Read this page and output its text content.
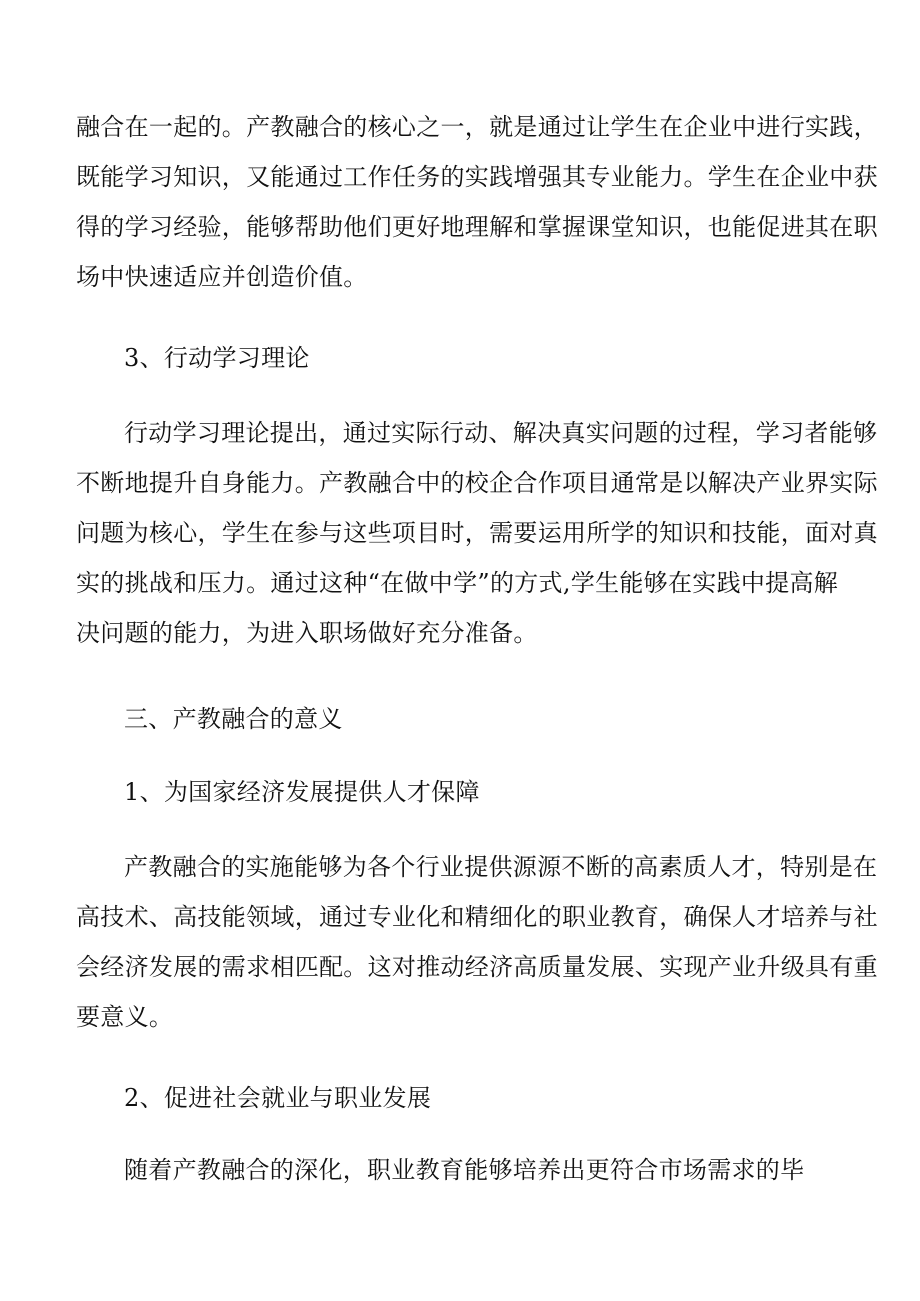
融合在一起的。产教融合的核心之一，就是通过让学生在企业中进行实践，
既能学习知识，又能通过工作任务的实践增强其专业能力。学生在企业中获
得的学习经验，能够帮助他们更好地理解和掌握课堂知识，也能促进其在职
场中快速适应并创造价值。
3、行动学习理论
行动学习理论提出，通过实际行动、解决真实问题的过程，学习者能够
不断地提升自身能力。产教融合中的校企合作项目通常是以解决产业界实际
问题为核心，学生在参与这些项目时，需要运用所学的知识和技能，面对真
实的挑战和压力。通过这种“在做中学”的方式,学生能够在实践中提高解
决问题的能力，为进入职场做好充分准备。
三、产教融合的意义
1、为国家经济发展提供人才保障
产教融合的实施能够为各个行业提供源源不断的高素质人才，特别是在
高技术、高技能领域，通过专业化和精细化的职业教育，确保人才培养与社
会经济发展的需求相匹配。这对推动经济高质量发展、实现产业升级具有重
要意义。
2、促进社会就业与职业发展
随着产教融合的深化，职业教育能够培养出更符合市场需求的毕
